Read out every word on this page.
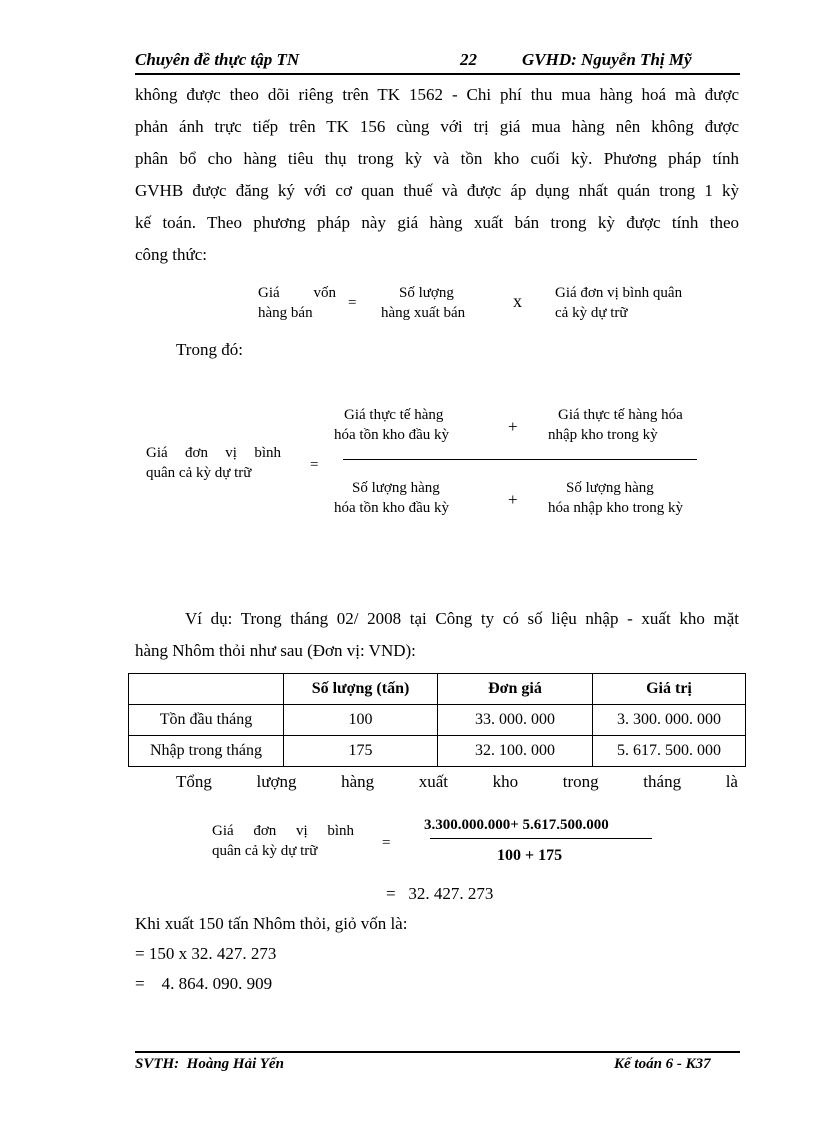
Chuyên đề thực tập TN	22	GVHD: Nguyễn Thị Mỹ

không được theo dõi riêng trên TK 1562 - Chi phí thu mua hàng hoá mà được

phản ánh trực tiếp trên TK 156 cùng với trị giá mua hàng nên không được

phân bổ cho hàng tiêu thụ trong kỳ và tồn kho cuối kỳ. Phương pháp tính

GVHB được đăng ký với cơ quan thuế và được áp dụng nhất quán trong 1 kỳ

kế toán. Theo phương pháp này giá hàng xuất bán trong kỳ được tính theo

công thức:

Giá vốn
hàng bán
=
Số lượng
hàng xuất bán
x Giá đơn vị bình quân
cả kỳ dự trữ
Trong đó:
Giá đơn vị bình
quân cả kỳ dự trữ	=
Giá thực tế hàng
hóa tồn kho đầu kỳ	+
Giá thực tế hàng hóa
nhập kho trong kỳ
Số lượng hàng
hóa tồn kho đầu kỳ	+
Số lượng hàng
hóa nhập kho trong kỳ

Ví dụ: Trong tháng 02/ 2008 tại Công ty có số liệu nhập - xuất kho mặt

hàng Nhôm thỏi như sau (Đơn vị: VND):

	Số lượng (tấn)	Đơn giá	Giá trị
Tồn đầu tháng	100	33. 000. 000	3. 300. 000. 000
Nhập trong tháng	175	32. 100. 000	5. 617. 500. 000
Tổng	lượng	hàng	xuất	kho	trong	tháng	là
Giá đơn vị bình
quân cả kỳ dự trữ	=
3.300.000.000+ 5.617.500.000
100 + 175
=   32. 427. 273
Khi xuất 150 tấn Nhôm thỏi, giỏ vốn là:
= 150 x 32. 427. 273
=    4. 864. 090. 909
SVTH:  Hoàng Hải Yến	Kế toán 6 - K37
